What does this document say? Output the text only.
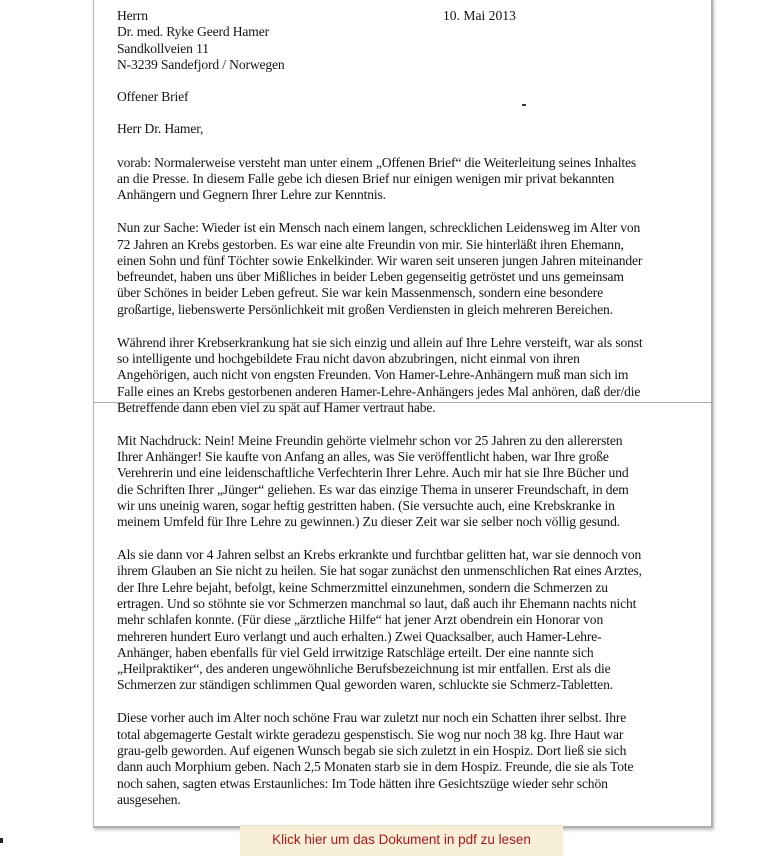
10. Mai 2013
Herrn
Dr. med. Ryke Geerd Hamer
Sandkollveien 11
N-3239 Sandefjord / Norwegen
Offener Brief
Herr Dr. Hamer,
vorab: Normalerweise versteht man unter einem „Offenen Brief“ die Weiterleitung seines Inhaltes
an die Presse. In diesem Falle gebe ich diesen Brief nur einigen wenigen mir privat bekannten
Anhängern und Gegnern Ihrer Lehre zur Kenntnis.
Nun zur Sache: Wieder ist ein Mensch nach einem langen, schrecklichen Leidensweg im Alter von
72 Jahren an Krebs gestorben. Es war eine alte Freundin von mir. Sie hinterläßt ihren Ehemann,
einen Sohn und fünf Töchter sowie Enkelkinder. Wir waren seit unseren jungen Jahren miteinander
befreundet, haben uns über Mißliches in beider Leben gegenseitig getröstet und uns gemeinsam
über Schönes in beider Leben gefreut. Sie war kein Massenmensch, sondern eine besondere
großartige, liebenswerte Persönlichkeit mit großen Verdiensten in gleich mehreren Bereichen.
Während ihrer Krebserkrankung hat sie sich einzig und allein auf Ihre Lehre versteift, war als sonst
so intelligente und hochgebildete Frau nicht davon abzubringen, nicht einmal von ihren
Angehörigen, auch nicht von engsten Freunden. Von Hamer-Lehre-Anhängern muß man sich im
Falle eines an Krebs gestorbenen anderen Hamer-Lehre-Anhängers jedes Mal anhören, daß der/die
Betreffende dann eben viel zu spät auf Hamer vertraut habe.
Mit Nachdruck: Nein! Meine Freundin gehörte vielmehr schon vor 25 Jahren zu den allerersten
Ihrer Anhänger! Sie kaufte von Anfang an alles, was Sie veröffentlicht haben, war Ihre große
Verehrerin und eine leidenschaftliche Verfechterin Ihrer Lehre. Auch mir hat sie Ihre Bücher und
die Schriften Ihrer „Jünger“ geliehen. Es war das einzige Thema in unserer Freundschaft, in dem
wir uns uneinig waren, sogar heftig gestritten haben. (Sie versuchte auch, eine Krebskranke in
meinem Umfeld für Ihre Lehre zu gewinnen.) Zu dieser Zeit war sie selber noch völlig gesund.
Als sie dann vor 4 Jahren selbst an Krebs erkrankte und furchtbar gelitten hat, war sie dennoch von
ihrem Glauben an Sie nicht zu heilen. Sie hat sogar zunächst den unmenschlichen Rat eines Arztes,
der Ihre Lehre bejaht, befolgt, keine Schmerzmittel einzunehmen, sondern die Schmerzen zu
ertragen. Und so stöhnte sie vor Schmerzen manchmal so laut, daß auch ihr Ehemann nachts nicht
mehr schlafen konnte. (Für diese „ärztliche Hilfe“ hat jener Arzt obendrein ein Honorar von
mehreren hundert Euro verlangt und auch erhalten.) Zwei Quacksalber, auch Hamer-Lehre-
Anhänger, haben ebenfalls für viel Geld irrwitzige Ratschläge erteilt. Der eine nannte sich
„Heilpraktiker“, des anderen ungewöhnliche Berufsbezeichnung ist mir entfallen. Erst als die
Schmerzen zur ständigen schlimmen Qual geworden waren, schluckte sie Schmerz-Tabletten.
Diese vorher auch im Alter noch schöne Frau war zuletzt nur noch ein Schatten ihrer selbst. Ihre
total abgemagerte Gestalt wirkte geradezu gespenstisch. Sie wog nur noch 38 kg. Ihre Haut war
grau-gelb geworden. Auf eigenen Wunsch begab sie sich zuletzt in ein Hospiz. Dort ließ sie sich
dann auch Morphium geben. Nach 2,5 Monaten starb sie in dem Hospiz. Freunde, die sie als Tote
noch sahen, sagten etwas Erstaunliches: Im Tode hätten ihre Gesichtszüge wieder sehr schön
ausgesehen.
Klick hier um das Dokument in pdf zu lesen
